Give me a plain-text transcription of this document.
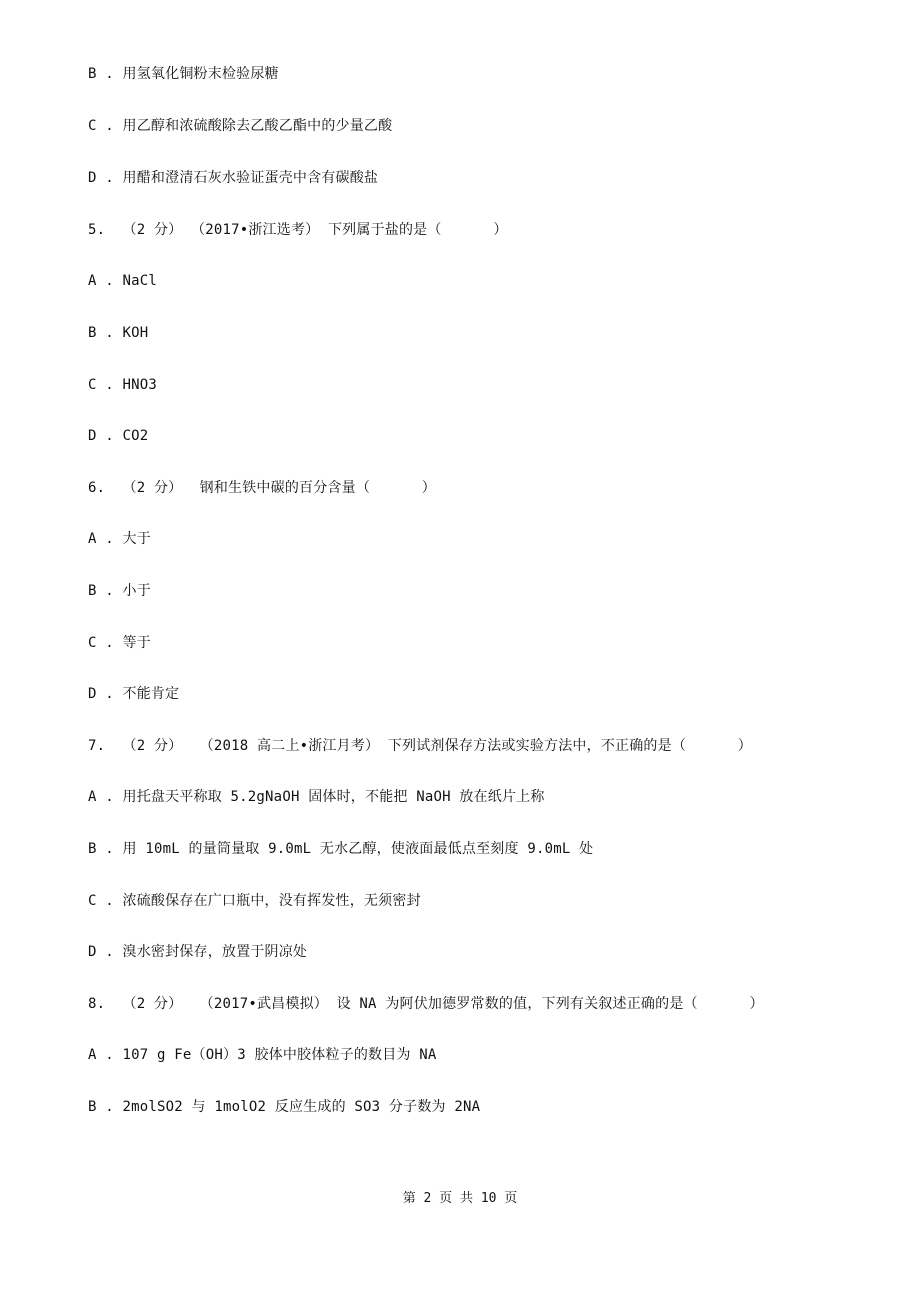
B . 用氢氧化铜粉末检验尿糖
C . 用乙醇和浓硫酸除去乙酸乙酯中的少量乙酸
D . 用醋和澄清石灰水验证蛋壳中含有碳酸盐
5.  （2 分） （2017•浙江选考） 下列属于盐的是（      ）
A . NaCl
B . KOH
C . HNO3
D . CO2
6.  （2 分）  钢和生铁中碳的百分含量（      ）
A . 大于
B . 小于
C . 等于
D . 不能肯定
7.  （2 分）  （2018 高二上•浙江月考） 下列试剂保存方法或实验方法中，不正确的是（      ）
A . 用托盘天平称取 5.2gNaOH 固体时，不能把 NaOH 放在纸片上称
B . 用 10mL 的量筒量取 9.0mL 无水乙醇，使液面最低点至刻度 9.0mL 处
C . 浓硫酸保存在广口瓶中，没有挥发性，无须密封
D . 溴水密封保存，放置于阴凉处
8.  （2 分）  （2017•武昌模拟） 设 NA 为阿伏加德罗常数的值，下列有关叙述正确的是（      ）
A . 107 g Fe（OH）3 胶体中胶体粒子的数目为 NA
B . 2molSO2 与 1molO2 反应生成的 SO3 分子数为 2NA
第 2 页 共 10 页
